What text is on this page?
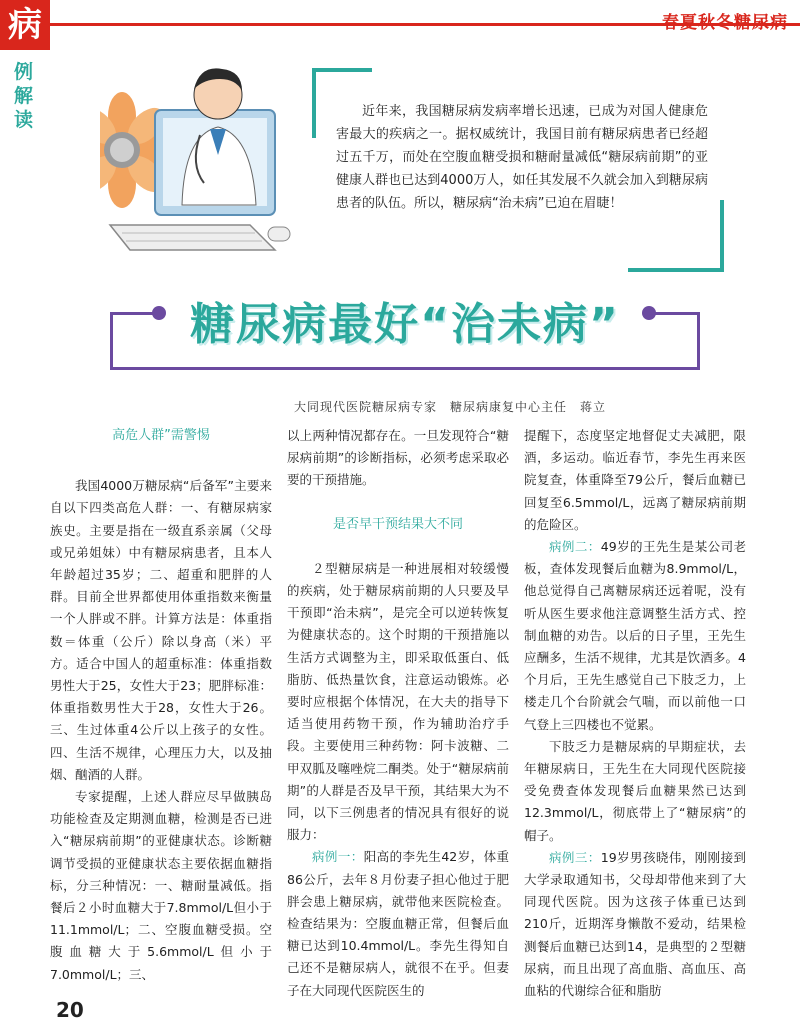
病
例解读
春夏秋冬糖尿病
近年来，我国糖尿病发病率增长迅速，已成为对国人健康危害最大的疾病之一。据权威统计，我国目前有糖尿病患者已经超过五千万，而处在空腹血糖受损和糖耐量减低“糖尿病前期”的亚健康人群也已达到4000万人，如任其发展不久就会加入到糖尿病患者的队伍。所以，糖尿病“治未病”已迫在眉睫！
糖尿病最好“治未病”
大同现代医院糖尿病专家　糖尿病康复中心主任　蒋立
高危人群”需警惕

我国4000万糖尿病“后备军”主要来自以下四类高危人群：一、有糖尿病家族史。主要是指在一级直系亲属（父母或兄弟姐妹）中有糖尿病患者，且本人年龄超过35岁；二、超重和肥胖的人群。目前全世界都使用体重指数来衡量一个人胖或不胖。计算方法是：体重指数＝体重（公斤）除以身高（米）平方。适合中国人的超重标准：体重指数男性大于25，女性大于23；肥胖标准：体重指数男性大于28，女性大于26。三、生过体重4公斤以上孩子的女性。四、生活不规律，心理压力大，以及抽烟、酗酒的人群。

专家提醒，上述人群应尽早做胰岛功能检查及定期测血糖，检测是否已进入“糖尿病前期”的亚健康状态。诊断糖调节受损的亚健康状态主要依据血糖指标，分三种情况：一、糖耐量减低。指餐后２小时血糖大于7.8mmol/L但小于11.1mmol/L；二、空腹血糖受损。空腹血糖大于5.6mmol/L但小于7.0mmol/L；三、

以上两种情况都存在。一旦发现符合“糖尿病前期”的诊断指标，必须考虑采取必要的干预措施。

是否早干预结果大不同

２型糖尿病是一种进展相对较缓慢的疾病，处于糖尿病前期的人只要及早干预即“治未病”，是完全可以逆转恢复为健康状态的。这个时期的干预措施以生活方式调整为主，即采取低蛋白、低脂肪、低热量饮食，注意运动锻炼。必要时应根据个体情况，在大夫的指导下适当使用药物干预，作为辅助治疗手段。主要使用三种药物：阿卡波糖、二甲双胍及噻唑烷二酮类。处于“糖尿病前期”的人群是否及早干预，其结果大为不同，以下三例患者的情况具有很好的说服力：

病例一：阳高的李先生42岁，体重86公斤，去年８月份妻子担心他过于肥胖会患上糖尿病，就带他来医院检查。检查结果为：空腹血糖正常，但餐后血糖已达到10.4mmol/L。李先生得知自己还不是糖尿病人，就很不在乎。但妻子在大同现代医院医生的

提醒下，态度坚定地督促丈夫减肥，限酒，多运动。临近春节，李先生再来医院复查，体重降至79公斤，餐后血糖已回复至6.5mmol/L，远离了糖尿病前期的危险区。

病例二：49岁的王先生是某公司老板，查体发现餐后血糖为8.9mmol/L，他总觉得自己离糖尿病还远着呢，没有听从医生要求他注意调整生活方式、控制血糖的劝告。以后的日子里，王先生应酬多，生活不规律，尤其是饮酒多。4个月后，王先生感觉自己下肢乏力，上楼走几个台阶就会气喘，而以前他一口气登上三四楼也不觉累。

下肢乏力是糖尿病的早期症状，去年糖尿病日，王先生在大同现代医院接受免费查体发现餐后血糖果然已达到12.3mmol/L，彻底带上了“糖尿病”的帽子。

病例三：19岁男孩晓伟，刚刚接到大学录取通知书，父母却带他来到了大同现代医院。因为这孩子体重已达到210斤，近期浑身懒散不爱动，结果检测餐后血糖已达到14，是典型的２型糖尿病，而且出现了高血脂、高血压、高血粘的代谢综合征和脂肪

20
